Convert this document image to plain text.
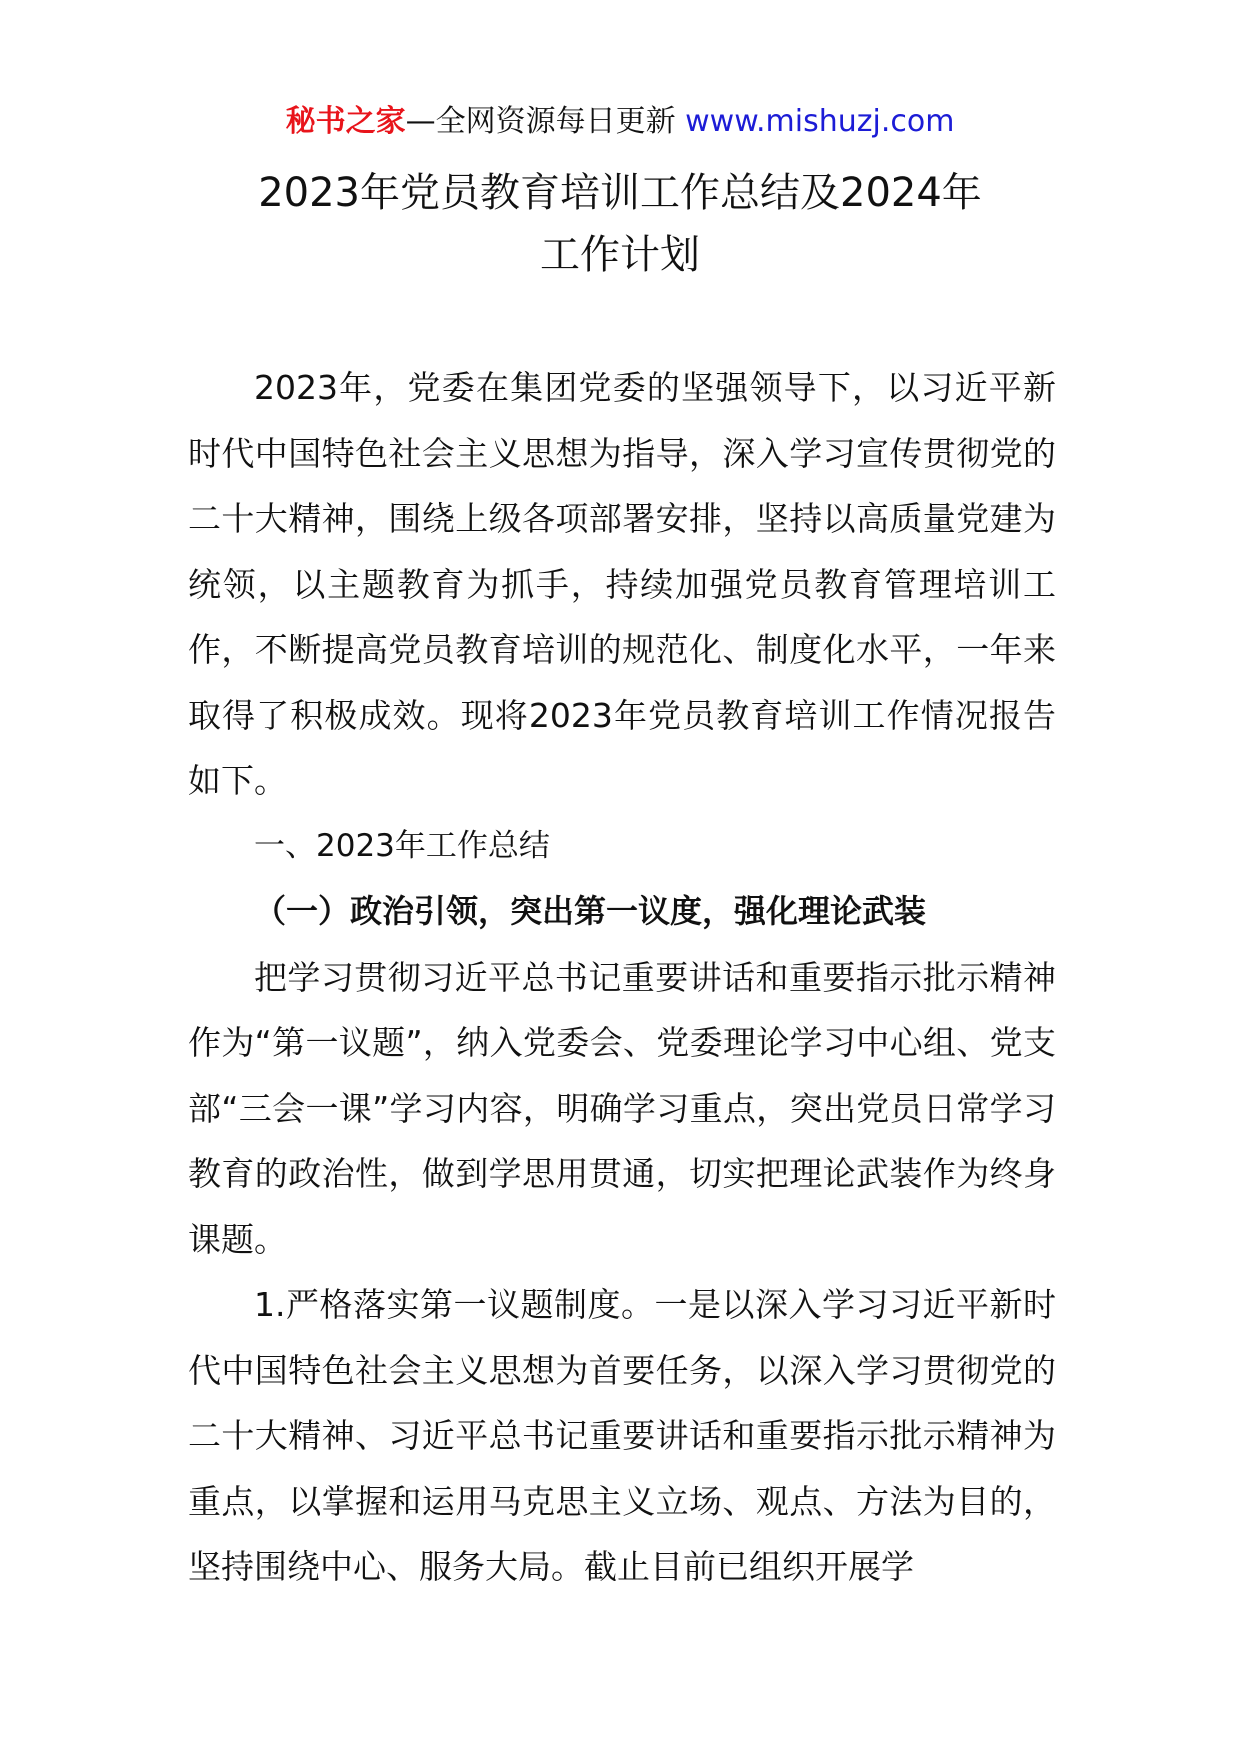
秘书之家—全网资源每日更新 www.mishuzj.com
2023年党员教育培训工作总结及2024年
工作计划

2023年，党委在集团党委的坚强领导下，以习近平新时代中国特色社会主义思想为指导，深入学习宣传贯彻党的二十大精神，围绕上级各项部署安排，坚持以高质量党建为统领，以主题教育为抓手，持续加强党员教育管理培训工作，不断提高党员教育培训的规范化、制度化水平，一年来取得了积极成效。现将2023年党员教育培训工作情况报告如下。

一、2023年工作总结

（一）政治引领，突出第一议度，强化理论武装

把学习贯彻习近平总书记重要讲话和重要指示批示精神作为“第一议题”，纳入党委会、党委理论学习中心组、党支部“三会一课”学习内容，明确学习重点，突出党员日常学习教育的政治性，做到学思用贯通，切实把理论武装作为终身课题。

1.严格落实第一议题制度。一是以深入学习习近平新时代中国特色社会主义思想为首要任务，以深入学习贯彻党的二十大精神、习近平总书记重要讲话和重要指示批示精神为重点，以掌握和运用马克思主义立场、观点、方法为目的，坚持围绕中心、服务大局。截止目前已组织开展学
